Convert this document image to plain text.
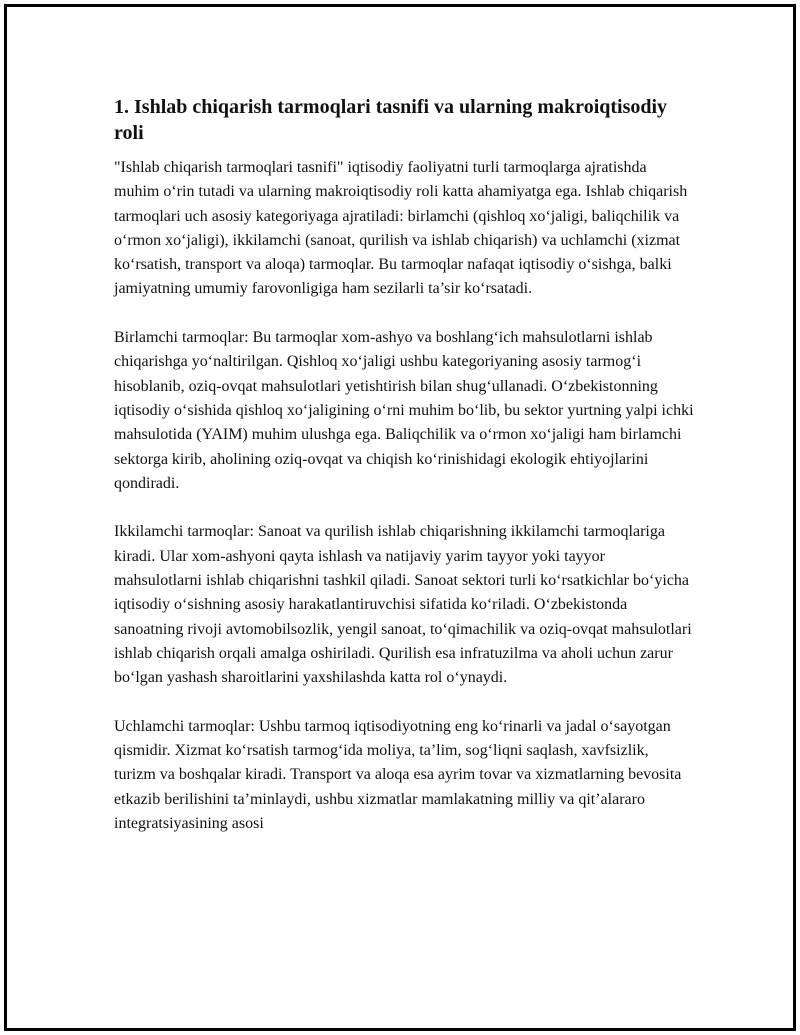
1. Ishlab chiqarish tarmoqlari tasnifi va ularning makroiqtisodiy roli

"Ishlab chiqarish tarmoqlari tasnifi" iqtisodiy faoliyatni turli tarmoqlarga ajratishda muhim o‘rin tutadi va ularning makroiqtisodiy roli katta ahamiyatga ega. Ishlab chiqarish tarmoqlari uch asosiy kategoriyaga ajratiladi: birlamchi (qishloq xo‘jaligi, baliqchilik va o‘rmon xo‘jaligi), ikkilamchi (sanoat, qurilish va ishlab chiqarish) va uchlamchi (xizmat ko‘rsatish, transport va aloqa) tarmoqlar. Bu tarmoqlar nafaqat iqtisodiy o‘sishga, balki jamiyatning umumiy farovonligiga ham sezilarli ta’sir ko‘rsatadi.

Birlamchi tarmoqlar: Bu tarmoqlar xom-ashyo va boshlang‘ich mahsulotlarni ishlab chiqarishga yo‘naltirilgan. Qishloq xo‘jaligi ushbu kategoriyaning asosiy tarmog‘i hisoblanib, oziq-ovqat mahsulotlari yetishtirish bilan shug‘ullanadi. O‘zbekistonning iqtisodiy o‘sishida qishloq xo‘jaligining o‘rni muhim bo‘lib, bu sektor yurtning yalpi ichki mahsulotida (YAIM) muhim ulushga ega. Baliqchilik va o‘rmon xo‘jaligi ham birlamchi sektorga kirib, aholining oziq-ovqat va chiqish ko‘rinishidagi ekologik ehtiyojlarini qondiradi.

Ikkilamchi tarmoqlar: Sanoat va qurilish ishlab chiqarishning ikkilamchi tarmoqlariga kiradi. Ular xom-ashyoni qayta ishlash va natijaviy yarim tayyor yoki tayyor mahsulotlarni ishlab chiqarishni tashkil qiladi. Sanoat sektori turli ko‘rsatkichlar bo‘yicha iqtisodiy o‘sishning asosiy harakatlantiruvchisi sifatida ko‘riladi. O‘zbekistonda sanoatning rivoji avtomobilsozlik, yengil sanoat, to‘qimachilik va oziq-ovqat mahsulotlari ishlab chiqarish orqali amalga oshiriladi. Qurilish esa infratuzilma va aholi uchun zarur bo‘lgan yashash sharoitlarini yaxshilashda katta rol o‘ynaydi.

Uchlamchi tarmoqlar: Ushbu tarmoq iqtisodiyotning eng ko‘rinarli va jadal o‘sayotgan qismidir. Xizmat ko‘rsatish tarmog‘ida moliya, ta’lim, sog‘liqni saqlash, xavfsizlik, turizm va boshqalar kiradi. Transport va aloqa esa ayrim tovar va xizmatlarning bevosita etkazib berilishini ta’minlaydi, ushbu xizmatlar mamlakatning milliy va qit’alararo integratsiyasining asosi
